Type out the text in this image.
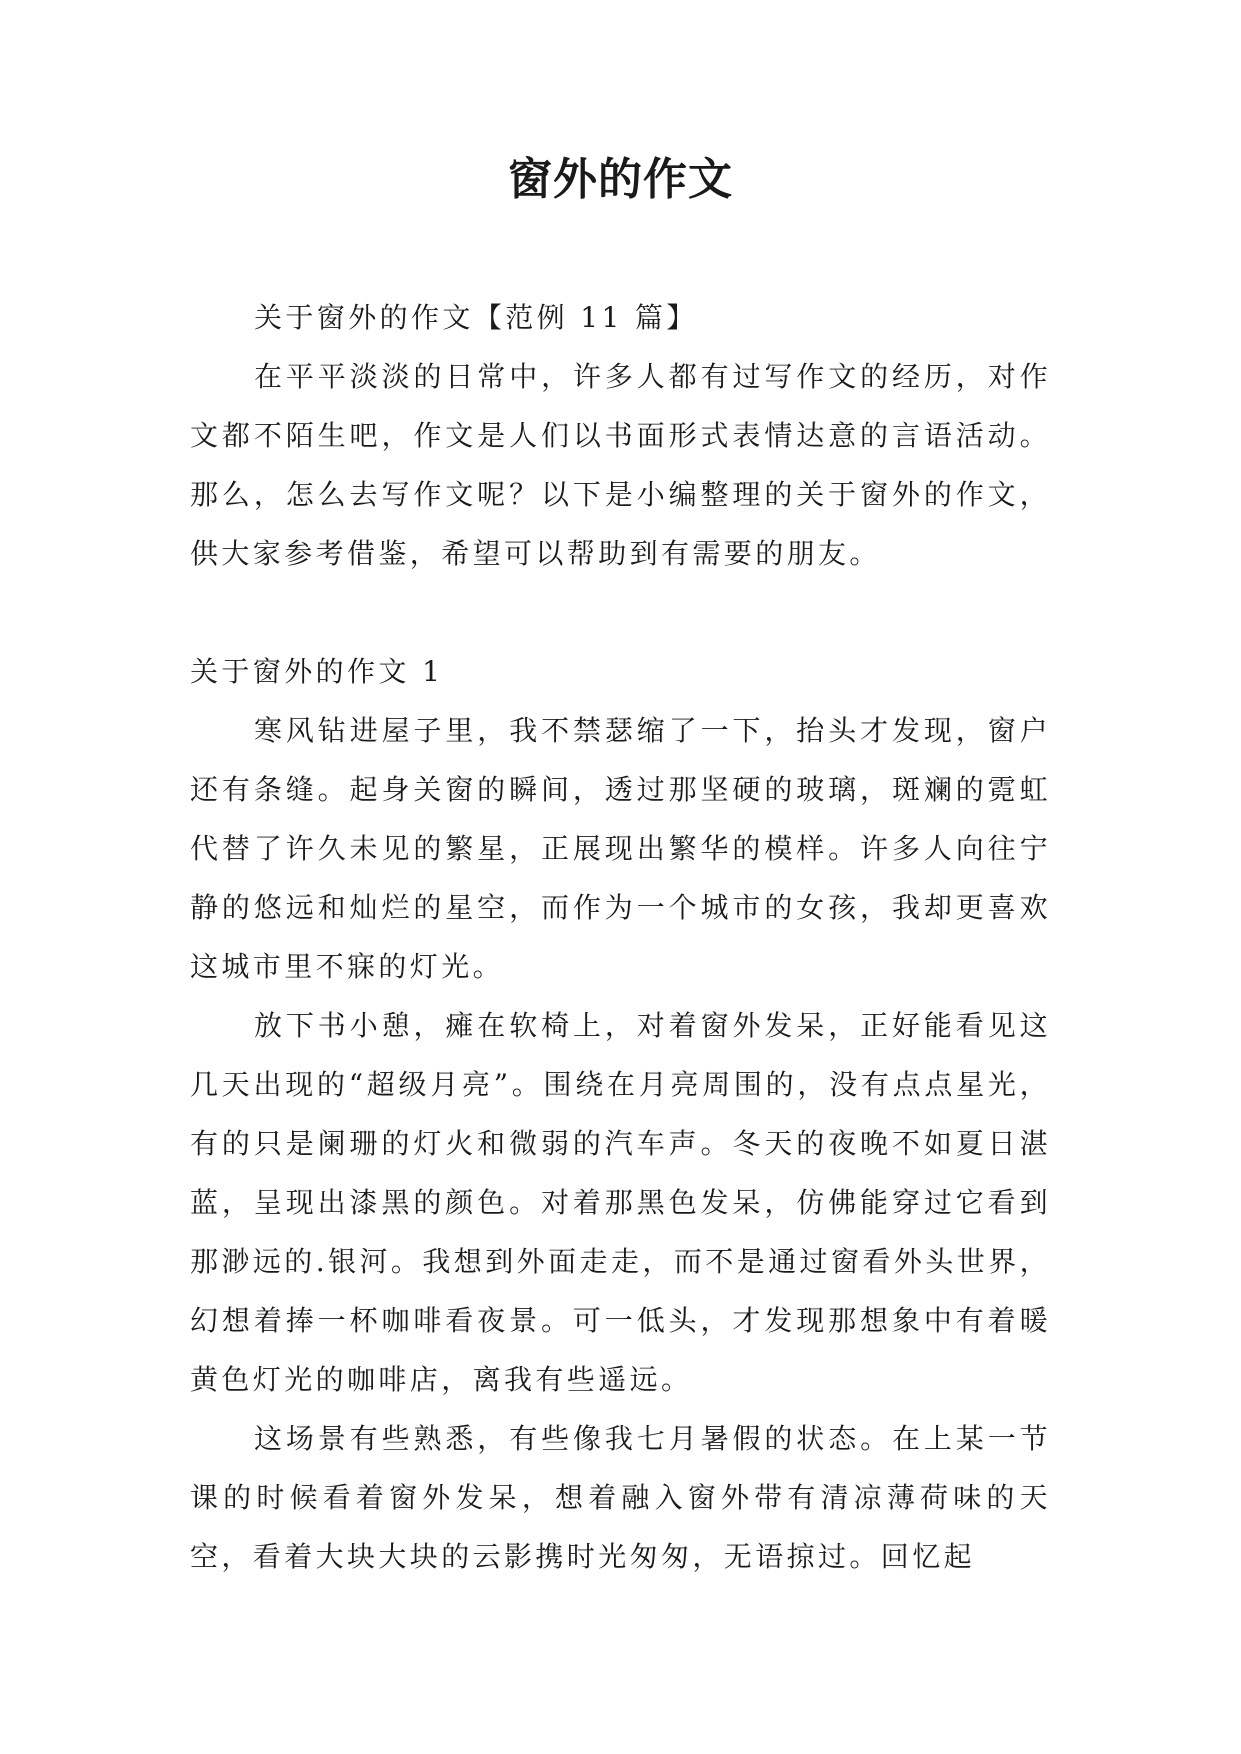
窗外的作文

关于窗外的作文【范例 11 篇】

在平平淡淡的日常中，许多人都有过写作文的经历，对作文都不陌生吧，作文是人们以书面形式表情达意的言语活动。那么，怎么去写作文呢？以下是小编整理的关于窗外的作文，供大家参考借鉴，希望可以帮助到有需要的朋友。

关于窗外的作文 1

寒风钻进屋子里，我不禁瑟缩了一下，抬头才发现，窗户还有条缝。起身关窗的瞬间，透过那坚硬的玻璃，斑斓的霓虹代替了许久未见的繁星，正展现出繁华的模样。许多人向往宁静的悠远和灿烂的星空，而作为一个城市的女孩，我却更喜欢这城市里不寐的灯光。

放下书小憩，瘫在软椅上，对着窗外发呆，正好能看见这几天出现的“超级月亮”。围绕在月亮周围的，没有点点星光，有的只是阑珊的灯火和微弱的汽车声。冬天的夜晚不如夏日湛蓝，呈现出漆黑的颜色。对着那黑色发呆，仿佛能穿过它看到那渺远的.银河。我想到外面走走，而不是通过窗看外头世界，幻想着捧一杯咖啡看夜景。可一低头，才发现那想象中有着暖黄色灯光的咖啡店，离我有些遥远。

这场景有些熟悉，有些像我七月暑假的状态。在上某一节课的时候看着窗外发呆，想着融入窗外带有清凉薄荷味的天空，看着大块大块的云影携时光匆匆，无语掠过。回忆起
